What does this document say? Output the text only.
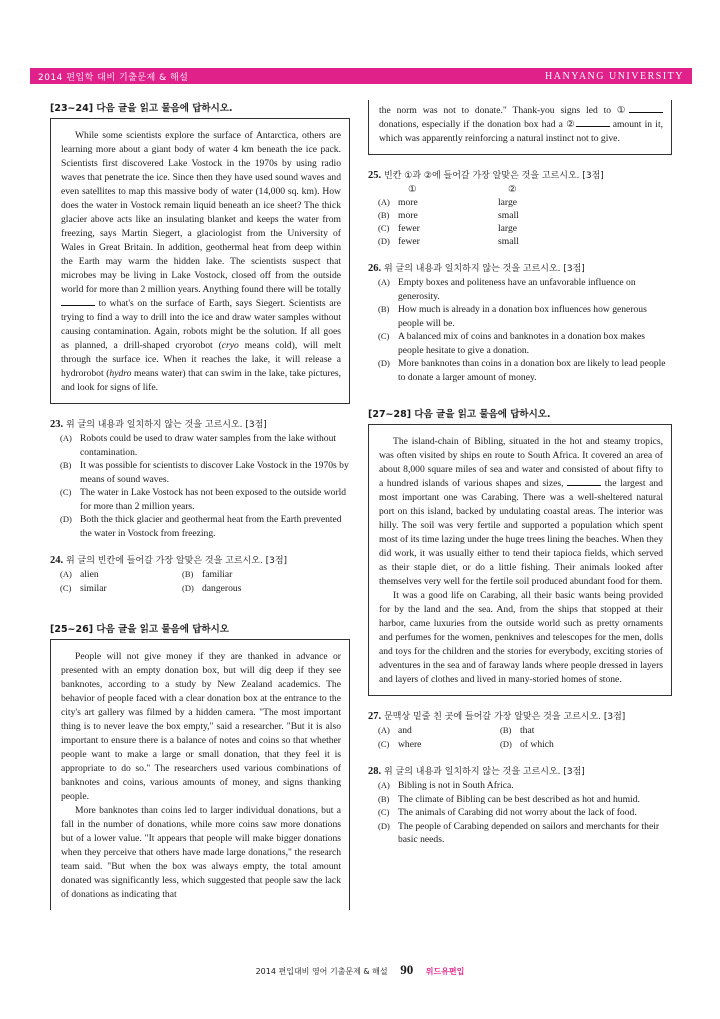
2014 편입학 대비 기출문제 & 해설	HANYANG UNIVERSITY
[23~24] 다음 글을 읽고 물음에 답하시오.

While some scientists explore the surface of Antarctica, others are learning more about a giant body of water 4 km beneath the ice pack. Scientists first discovered Lake Vostock in the 1970s by using radio waves that penetrate the ice. Since then they have used sound waves and even satellites to map this massive body of water (14,000 sq. km). How does the water in Vostock remain liquid beneath an ice sheet? The thick glacier above acts like an insulating blanket and keeps the water from freezing, says Martin Siegert, a glaciologist from the University of Wales in Great Britain. In addition, geothermal heat from deep within the Earth may warm the hidden lake. The scientists suspect that microbes may be living in Lake Vostock, closed off from the outside world for more than 2 million years. Anything found there will be totally  to what's on the surface of Earth, says Siegert. Scientists are trying to find a way to drill into the ice and draw water samples without causing contamination. Again, robots might be the solution. If all goes as planned, a drill-shaped cryorobot (cryo means cold), will melt through the surface ice. When it reaches the lake, it will release a hydrorobot (hydro means water) that can swim in the lake, take pictures, and look for signs of life.

23. 위 글의 내용과 일치하지 않는 것을 고르시오. [3점]
(A) Robots could be used to draw water samples from the lake without contamination.
(B) It was possible for scientists to discover Lake Vostock in the 1970s by means of sound waves.
(C) The water in Lake Vostock has not been exposed to the outside world for more than 2 million years.
(D) Both the thick glacier and geothermal heat from the Earth prevented the water in Vostock from freezing.
24. 위 글의 빈칸에 들어갈 가장 알맞은 것을 고르시오. [3점]
(A) alien	(B) familiar
(C) similar	(D) dangerous
[25~26] 다음 글을 읽고 물음에 답하시오

People will not give money if they are thanked in advance or presented with an empty donation box, but will dig deep if they see banknotes, according to a study by New Zealand academics. The behavior of people faced with a clear donation box at the entrance to the city's art gallery was filmed by a hidden camera. "The most important thing is to never leave the box empty," said a researcher. "But it is also important to ensure there is a balance of notes and coins so that whether people want to make a large or small donation, that they feel it is appropriate to do so." The researchers used various combinations of banknotes and coins, various amounts of money, and signs thanking people.

More banknotes than coins led to larger individual donations, but a fall in the number of donations, while more coins saw more donations but of a lower value. "It appears that people will make bigger donations when they perceive that others have made large donations," the research team said. "But when the box was always empty, the total amount donated was significantly less, which suggested that people saw the lack of donations as indicating that

the norm was not to donate." Thank-you signs led to ① donations, especially if the donation box had a ②	amount in it, which was apparently reinforcing a natural instinct not to give.
25. 빈칸 ①과 ②에 들어갈 가장 알맞은 것을 고르시오. [3점]
①	②
(A) more	large
(B) more	small
(C) fewer	large
(D) fewer	small
26. 위 글의 내용과 일치하지 않는 것을 고르시오. [3점]
(A) Empty boxes and politeness have an unfavorable influence on generosity.
(B) How much is already in a donation box influences how generous people will be.
(C) A balanced mix of coins and banknotes in a donation box makes people hesitate to give a donation.
(D) More banknotes than coins in a donation box are likely to lead people to donate a larger amount of money.
[27~28] 다음 글을 읽고 물음에 답하시오.

The island-chain of Bibling, situated in the hot and steamy tropics, was often visited by ships en route to South Africa. It covered an area of about 8,000 square miles of sea and water and consisted of about fifty to a hundred islands of various shapes and sizes,	the largest and most important one was Carabing. There was a well-sheltered natural port on this island, backed by undulating coastal areas. The interior was hilly. The soil was very fertile and supported a population which spent most of its time lazing under the huge trees lining the beaches. When they did work, it was usually either to tend their tapioca fields, which served as their staple diet, or do a little fishing. Their animals looked after themselves very well for the fertile soil produced abundant food for them.

It was a good life on Carabing, all their basic wants being provided for by the land and the sea. And, from the ships that stopped at their harbor, came luxuries from the outside world such as pretty ornaments and perfumes for the women, penknives and telescopes for the men, dolls and toys for the children and the stories for everybody, exciting stories of adventures in the sea and of faraway lands where people dressed in layers and layers of clothes and lived in many-storied homes of stone.

27. 문맥상 밑줄 친 곳에 들어갈 가장 알맞은 것을 고르시오. [3점]
(A) and	(B) that
(C) where	(D) of which
28. 위 글의 내용과 일치하지 않는 것을 고르시오. [3점]
(A) Bibling is not in South Africa.
(B) The climate of Bibling can be best described as hot and humid.
(C) The animals of Carabing did not worry about the lack of food.
(D) The people of Carabing depended on sailors and merchants for their basic needs.
2014 편입대비 영어 기출문제 & 해설 90 위드유편입
